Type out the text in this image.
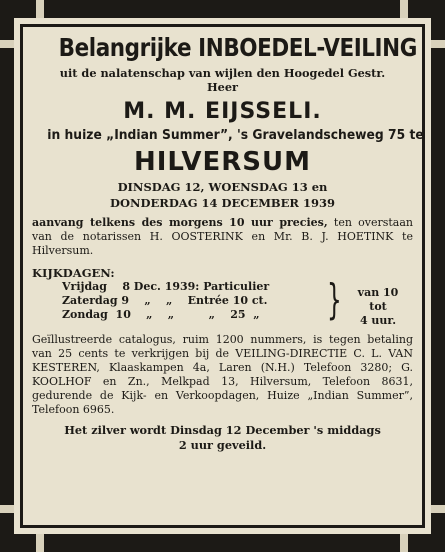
Belangrijke INBOEDEL-VEILING
uit de nalatenschap van wijlen den Hoogedel Gestr.
Heer
M. M. EIJSSELI.
in huize „Indian Summer”, 's Gravelandscheweg 75 te
HILVERSUM
DINSDAG 12, WOENSDAG 13 en
DONDERDAG 14 DECEMBER 1939
aanvang telkens des morgens 10 uur precies, ten overstaan van de notarissen H. OOSTERINK en Mr. B. J. HOETINK te Hilversum.
KIJKDAGEN:
Vrijdag    8 Dec. 1939: Particulier
Zaterdag 9    „    „    Entrée 10 ct.
Zondag  10    „    „         „    25  „ }	van 10 tot
4 uur.
Geïllustreerde catalogus, ruim 1200 nummers, is tegen betaling van 25 cents te verkrijgen bij de VEILING-DIRECTIE C. L. VAN KESTEREN, Klaaskampen 4a, Laren (N.H.) Telefoon 3280; G. KOOLHOF en Zn., Melkpad 13, Hilversum, Telefoon 8631, gedurende de Kijk- en Verkoopdagen, Huize „Indian Summer”, Telefoon 6965.
Het zilver wordt Dinsdag 12 December 's middags
2 uur geveild.
